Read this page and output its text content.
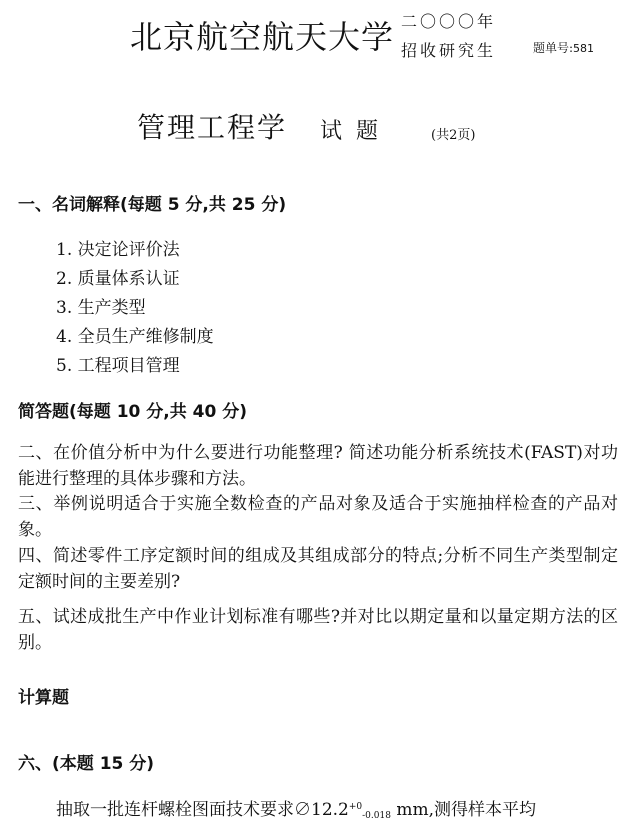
北京航空航天大学 二〇〇〇年
招收研究生	题单号:581
管理工程学 试题	(共2页)
一、名词解释(每题 5 分,共 25 分)
1. 决定论评价法
2. 质量体系认证
3. 生产类型
4. 全员生产维修制度
5. 工程项目管理
简答题(每题 10 分,共 40 分)
二、在价值分析中为什么要进行功能整理? 简述功能分析系统技术(FAST)对功能进行整理的具体步骤和方法。
三、举例说明适合于实施全数检查的产品对象及适合于实施抽样检查的产品对象。
四、简述零件工序定额时间的组成及其组成部分的特点;分析不同生产类型制定定额时间的主要差别?
五、试述成批生产中作业计划标准有哪些?并对比以期定量和以量定期方法的区别。
计算题
六、(本题 15 分)
抽取一批连杆螺栓图面技术要求$\emptyset 12.2^{+0}-0.018$ mm,测得样本平均
